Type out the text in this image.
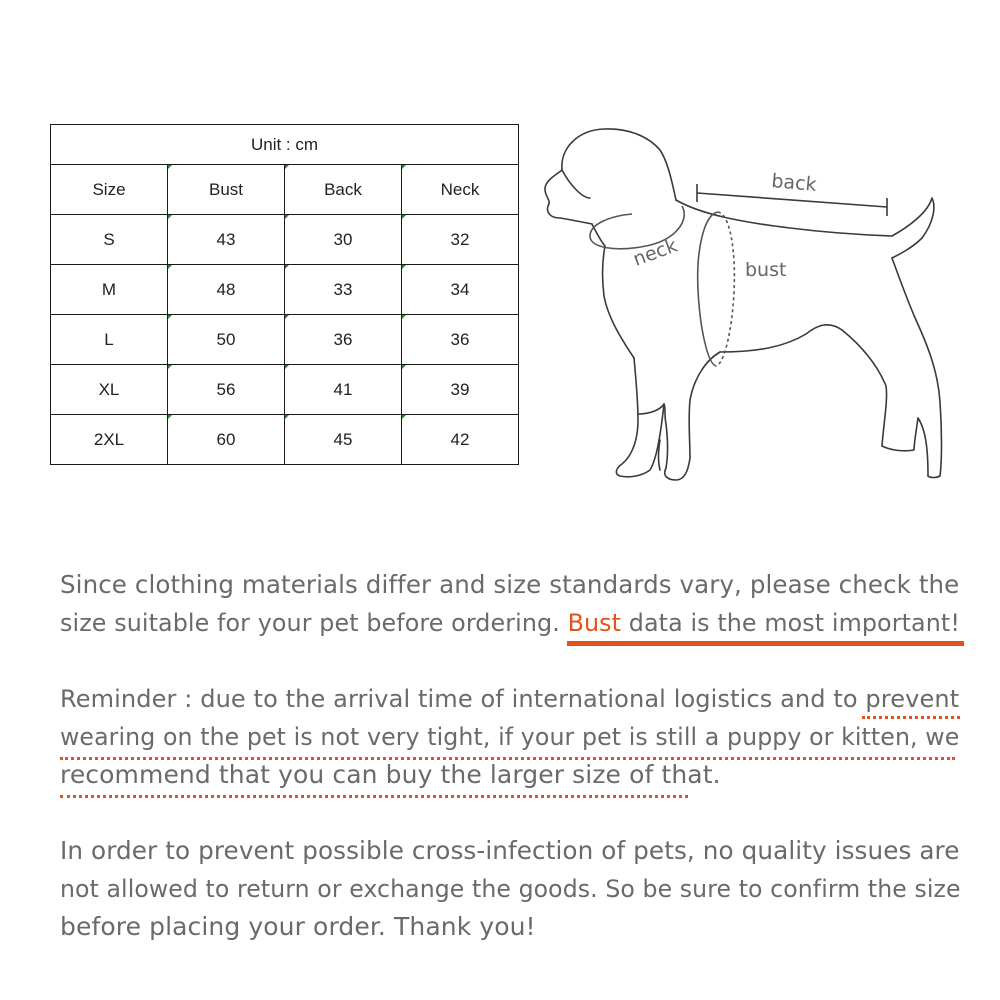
Unit : cm			
Size	Bust	Back	Neck
S	43	30	32
M	48	33	34
L	50	36	36
XL	56	41	39
2XL	60	45	42
back
neck	bust
Since clothing materials differ and size standards vary, please check the
size suitable for your pet before ordering. Bust data is the most important!
Reminder : due to the arrival time of international logistics and to prevent
wearing on the pet is not very tight, if your pet is still a puppy or kitten, we
recommend that you can buy the larger size of that.
In order to prevent possible cross-infection of pets, no quality issues are
not allowed to return or exchange the goods. So be sure to confirm the size
before placing your order. Thank you!
